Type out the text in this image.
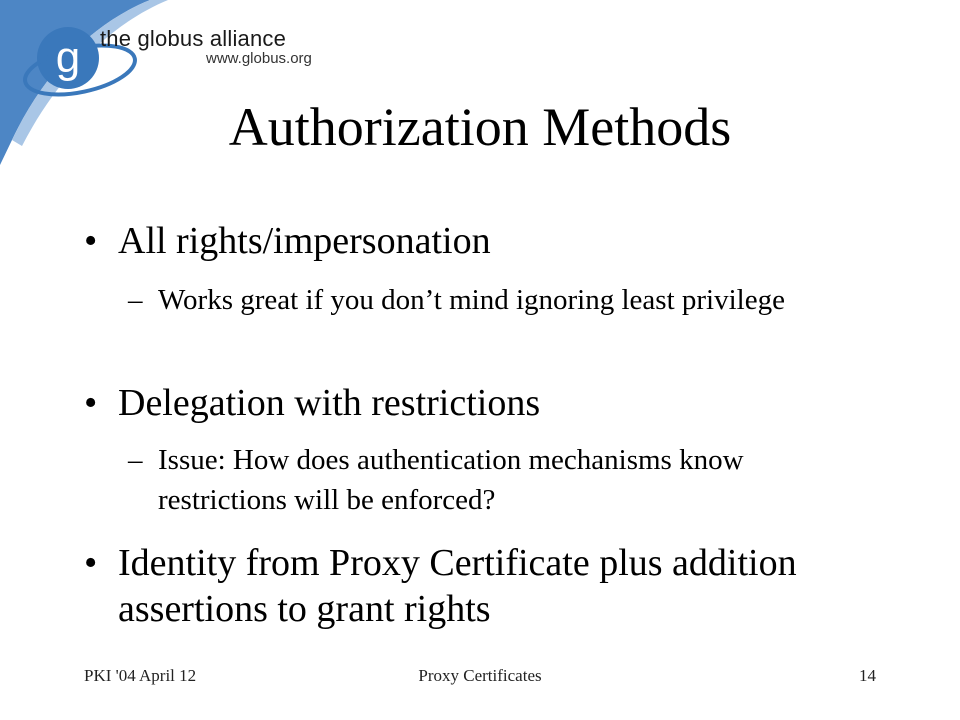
g the globus alliance
www.globus.org
Authorization Methods
• All rights/impersonation
– Works great if you don’t mind ignoring least privilege
• Delegation with restrictions
– Issue: How does authentication mechanisms know restrictions will be enforced?
• Identity from Proxy Certificate plus addition assertions to grant rights
PKI '04 April 12	Proxy Certificates	14
